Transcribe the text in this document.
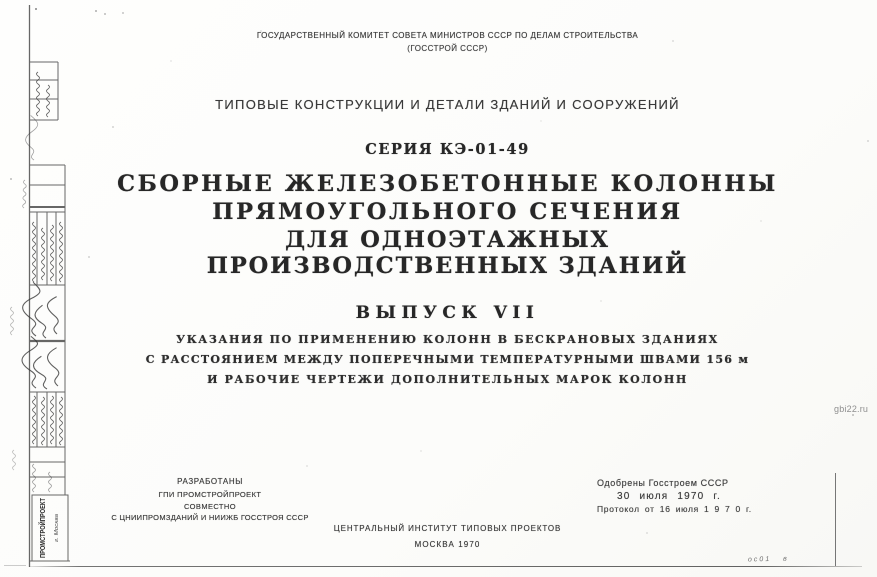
ПРОМСТРОЙПРОЕКТ г. Москва
ГОСУДАРСТВЕННЫЙ КОМИТЕТ СОВЕТА МИНИСТРОВ СССР ПО ДЕЛАМ СТРОИТЕЛЬСТВА
(ГОССТРОЙ СССР)
ТИПОВЫЕ КОНСТРУКЦИИ И ДЕТАЛИ ЗДАНИЙ И СООРУЖЕНИЙ
СЕРИЯ КЭ-01-49
СБОРНЫЕ ЖЕЛЕЗОБЕТОННЫЕ КОЛОННЫ
ПРЯМОУГОЛЬНОГО СЕЧЕНИЯ
ДЛЯ ОДНОЭТАЖНЫХ ПРОИЗВОДСТВЕННЫХ ЗДАНИЙ
ВЫПУСК VII
УКАЗАНИЯ ПО ПРИМЕНЕНИЮ КОЛОНН В БЕСКРАНОВЫХ ЗДАНИЯХ
С РАССТОЯНИЕМ МЕЖДУ ПОПЕРЕЧНЫМИ ТЕМПЕРАТУРНЫМИ ШВАМИ 156 м
И РАБОЧИЕ ЧЕРТЕЖИ ДОПОЛНИТЕЛЬНЫХ МАРОК КОЛОНН
РАЗРАБОТАНЫ
ГПИ ПРОМСТРОЙПРОЕКТ
СОВМЕСТНО
С ЦНИИПРОМЗДАНИЙ И НИИЖБ ГОССТРОЯ СССР
ЦЕНТРАЛЬНЫЙ ИНСТИТУТ ТИПОВЫХ ПРОЕКТОВ
МОСКВА 1970
Одобрены Госстроем СССР
30 июля 1970 г.
Протокол от 16 июля 1 9 7 0 г.
gbi22.ru
ос01 в
